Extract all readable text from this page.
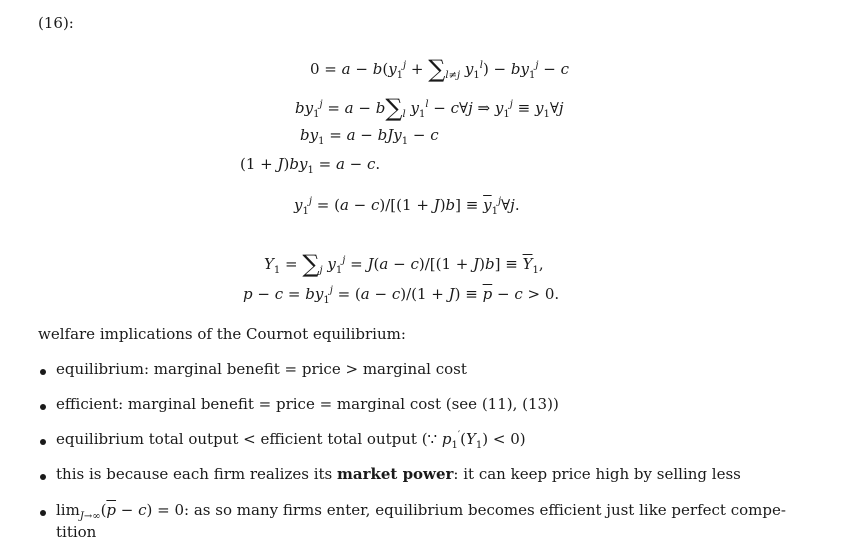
(16):
$0 = a - b(y_1^j + \sum_{l\ne j}$ $y_1^l) - by_1^j - c$
$by_1^j = a - b\sum_l$ $y_1^l$ − c∀j ⇒ $y_1^j$ ≡ $y_1\forall j$
$by_1 = a - bJy_1 - c$
$(1 + J)by_1 = a - c$.
$y_1^j = (a - c)/[(1 + J)b]$ ≡ $\overline{y}_1^j\forall j$.
$Y_1 = \sum_j$ $y_1^j = J(a - c)/[(1 + J)b] \equiv \overline{Y}_1$,
$p - c = by_1^j = (a - c)/(1 + J) \equiv \overline{p} - c > 0$.
welfare implications of the Cournot equilibrium:
equilibrium: marginal benefit = price > marginal cost
efficient: marginal benefit = price = marginal cost (see (11), (13))
equilibrium total output < efficient total output (∵ $p_1'(Y_1) < 0$)
this is because each firm realizes its market power: it can keep price high by selling less
$\lim_{J\to\infty}(\overline{p} - c) = 0$: as so many firms enter, equilibrium becomes efficient just like perfect compe-
tition
